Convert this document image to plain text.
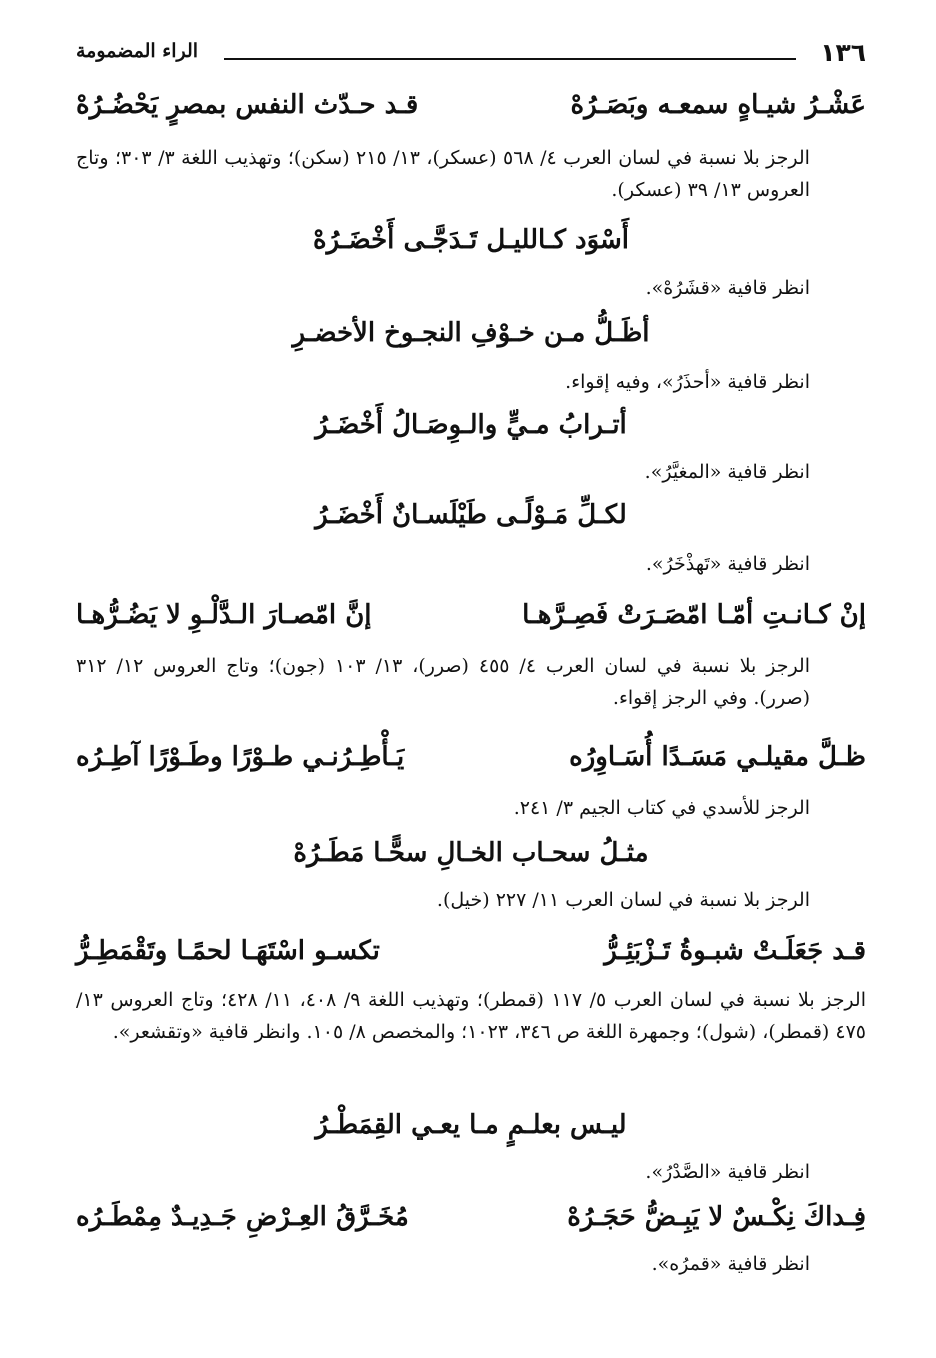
١٣٦
الراء المضمومة
عَشْـرُ شيـاهٍ سمعـه وبَصَـرُهْ
قـد حـدّث النفس بمصرٍ يَحْضُـرُهْ
الرجز بلا نسبة في لسان العرب ٤/ ٥٦٨ (عسكر)، ١٣/ ٢١٥ (سكن)؛ وتهذيب اللغة ٣/ ٣٠٣؛ وتاج العروس ١٣/ ٣٩ (عسكر).
أَسْوَد كـالليـل تَـدَجَّـى أَخْضَـرُهْ
انظر قافية «قشَرُهْ».
أظَـلُّ مـن خـوْفِ النجـوخ الأخضـرِ
انظر قافية «أحذَرُ»، وفيه إقواء.
أتـرابُ مـيٍّ والـوِصَـالُ أَخْضَـرُ
انظر قافية «المغيَّرُ».
لكـلِّ مَـوْلًـى طَيْلَسـانٌ أَخْضَـرُ
انظر قافية «تَهذْخَرُ».
إنْ كـانـتِ أمّـا امّصَـرَتْ فَصِـرَّهـا
إنَّ امّصـارَ الـدَّلْـوِ لا يَضُـرُّهـا
الرجز بلا نسبة في لسان العرب ٤/ ٤٥٥ (صرر)، ١٣/ ١٠٣ (جون)؛ وتاج العروس ١٢/ ٣١٢ (صرر). وفي الرجز إقواء.
ظـلَّ مقيلـي مَسَـدًا أُسَـاوِرُه
يَـأْطِـرُنـي طـوْرًا وطَـوْرًا آطِـرُه
الرجز للأسدي في كتاب الجيم ٣/ ٢٤١.
مثـلُ سحـاب الخـالِ سحًّـا مَطَـرُهْ
الرجز بلا نسبة في لسان العرب ١١/ ٢٢٧ (خيل).
قـد جَعَلَـتْ شبـوةُ تَـزْبَئِـرُّ
تكسـو اسْتَهَـا لحمًـا وتَقْمَطِـرُّ
الرجز بلا نسبة في لسان العرب ٥/ ١١٧ (قمطر)؛ وتهذيب اللغة ٩/ ٤٠٨، ١١/ ٤٢٨؛ وتاج العروس ١٣/ ٤٧٥ (قمطر)، (شول)؛ وجمهرة اللغة ص ٣٤٦، ١٠٢٣؛ والمخصص ٨/ ١٠٥. وانظر قافية «وتقشعر».
ليـس بعلـمٍ مـا يعـي القِمَطْـرُ
انظر قافية «الصَّدْرُ».
فِـداكَ نِكْـسٌ لا يَبِـضُّ حَجَـرُهْ
مُخَـرَّقُ العِـرْضِ جَـدِيـدٌ مِمْطَـرُه
انظر قافية «قمرُه».
